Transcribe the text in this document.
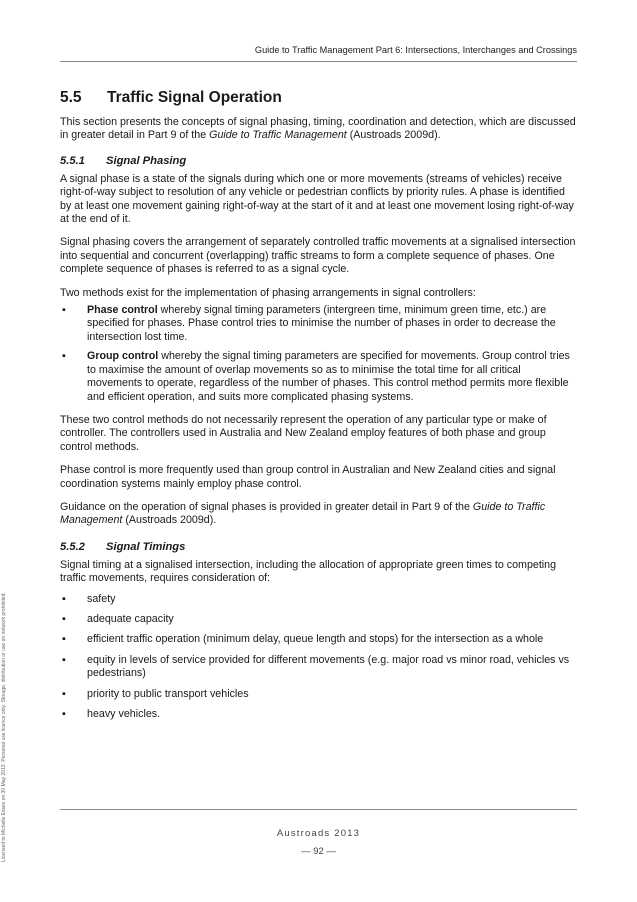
Guide to Traffic Management Part 6: Intersections, Interchanges and Crossings
Licensed to Michelle Essex on 30 May 2013. Personal use licence only. Storage, distribution or use on network prohibited.
5.5 Traffic Signal Operation

This section presents the concepts of signal phasing, timing, coordination and detection, which are discussed in greater detail in Part 9 of the Guide to Traffic Management (Austroads 2009d).

5.5.1 Signal Phasing

A signal phase is a state of the signals during which one or more movements (streams of vehicles) receive right-of-way subject to resolution of any vehicle or pedestrian conflicts by priority rules. A phase is identified by at least one movement gaining right-of-way at the start of it and at least one movement losing right-of-way at the end of it.

Signal phasing covers the arrangement of separately controlled traffic movements at a signalised intersection into sequential and concurrent (overlapping) traffic streams to form a complete sequence of phases. One complete sequence of phases is referred to as a signal cycle.

Two methods exist for the implementation of phasing arrangements in signal controllers:

▪ Phase control whereby signal timing parameters (intergreen time, minimum green time, etc.) are specified for phases. Phase control tries to minimise the number of phases in order to decrease the intersection lost time.
▪ Group control whereby the signal timing parameters are specified for movements. Group control tries to maximise the amount of overlap movements so as to minimise the total time for all critical movements to operate, regardless of the number of phases. This control method permits more flexible and efficient operation, and suits more complicated phasing systems.

These two control methods do not necessarily represent the operation of any particular type or make of controller. The controllers used in Australia and New Zealand employ features of both phase and group control methods.

Phase control is more frequently used than group control in Australian and New Zealand cities and signal coordination systems mainly employ phase control.

Guidance on the operation of signal phases is provided in greater detail in Part 9 of the Guide to Traffic Management (Austroads 2009d).

5.5.2 Signal Timings

Signal timing at a signalised intersection, including the allocation of appropriate green times to competing traffic movements, requires consideration of:

▪ safety
▪ adequate capacity
▪ efficient traffic operation (minimum delay, queue length and stops) for the intersection as a whole
▪ equity in levels of service provided for different movements (e.g. major road vs minor road, vehicles vs pedestrians)
▪ priority to public transport vehicles
▪ heavy vehicles.
Austroads 2013
— 92 —
